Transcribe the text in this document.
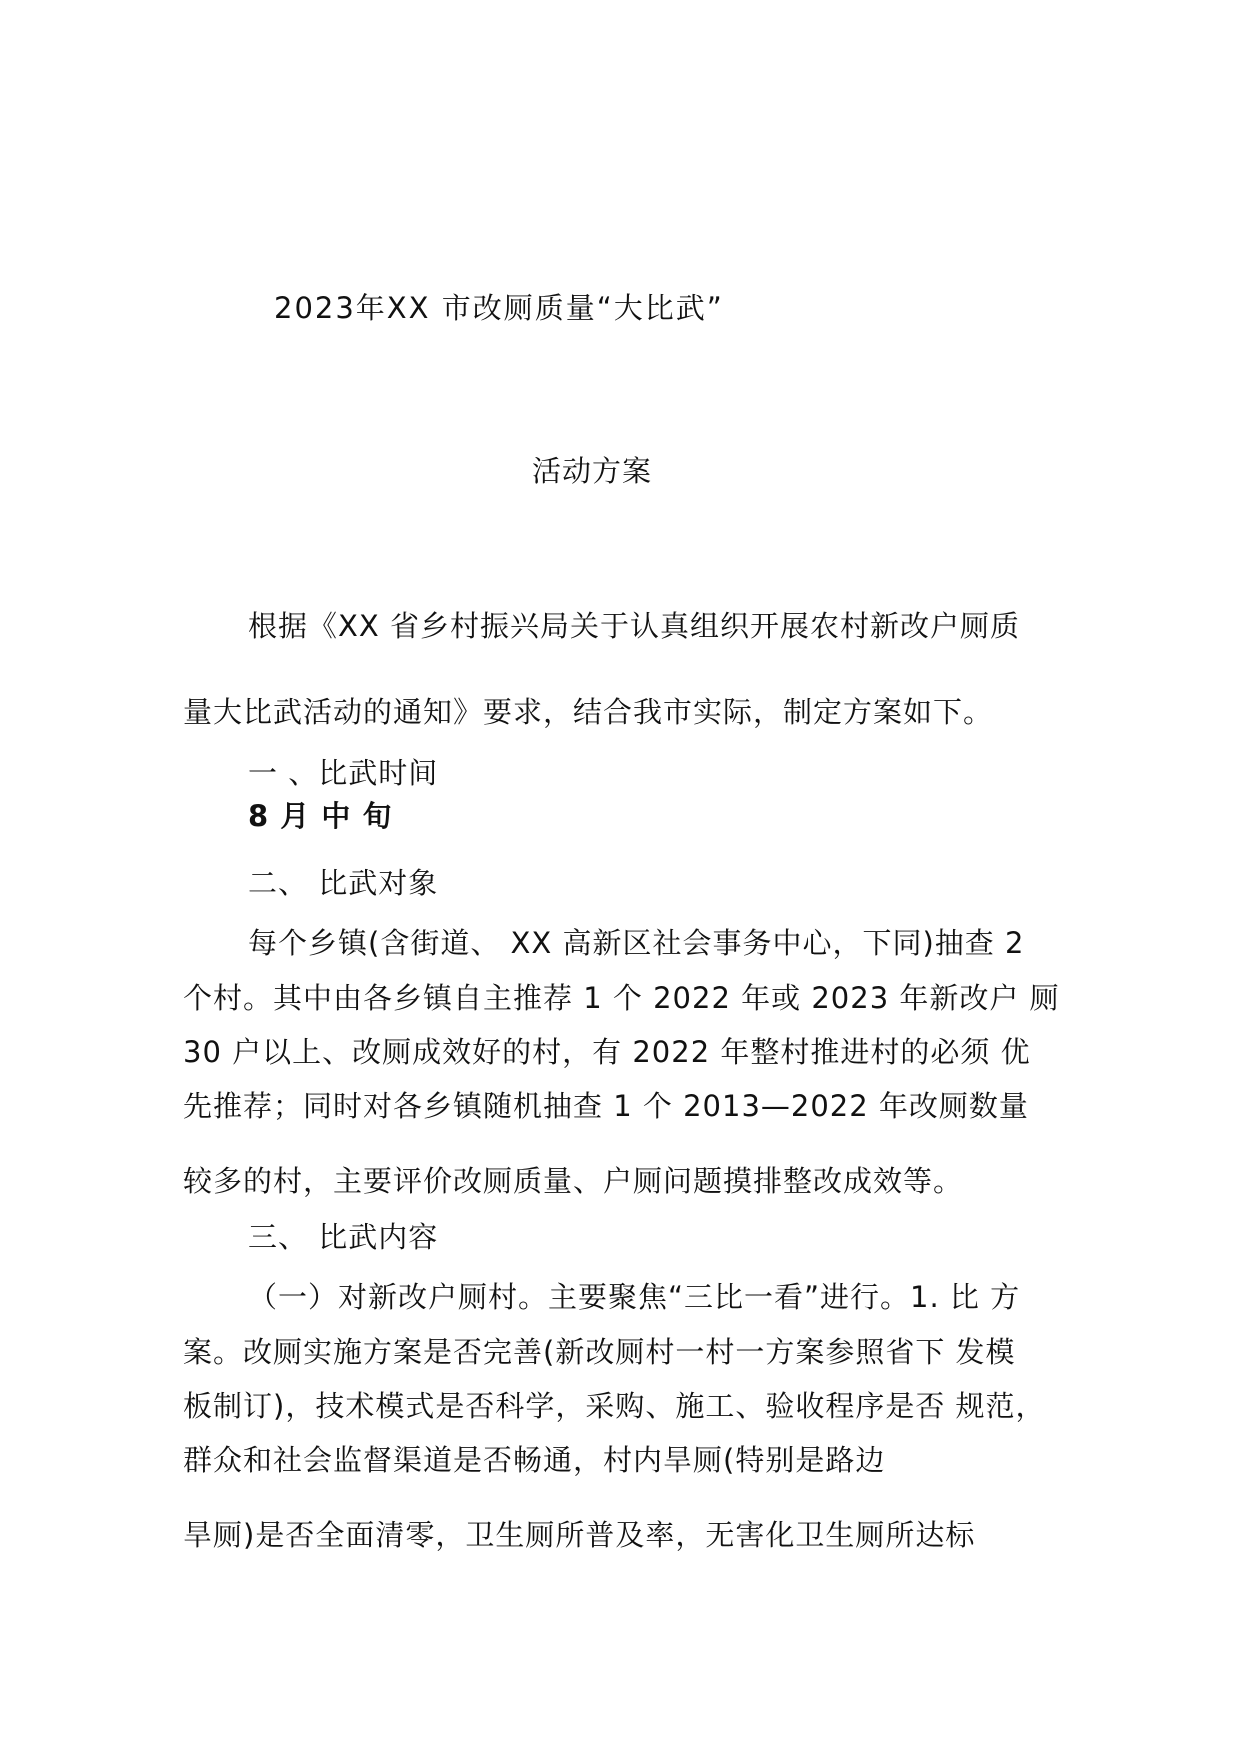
2023年XX 市改厕质量“大比武”
活动方案
根据《XX 省乡村振兴局关于认真组织开展农村新改户厕质
量大比武活动的通知》要求，结合我市实际，制定方案如下。
一 、比武时间
8 月 中 旬
二、 比武对象
每个乡镇(含街道、 XX 高新区社会事务中心，下同)抽查 2
个村。其中由各乡镇自主推荐 1 个 2022 年或 2023 年新改户 厕
30 户以上、改厕成效好的村，有 2022 年整村推进村的必须 优
先推荐；同时对各乡镇随机抽查 1 个 2013—2022 年改厕数量
较多的村，主要评价改厕质量、户厕问题摸排整改成效等。
三、 比武内容
（一）对新改户厕村。主要聚焦“三比一看”进行。1. 比 方
案。改厕实施方案是否完善(新改厕村一村一方案参照省下 发模
板制订)，技术模式是否科学，采购、施工、验收程序是否 规范，
群众和社会监督渠道是否畅通，村内旱厕(特别是路边
旱厕)是否全面清零，卫生厕所普及率，无害化卫生厕所达标
